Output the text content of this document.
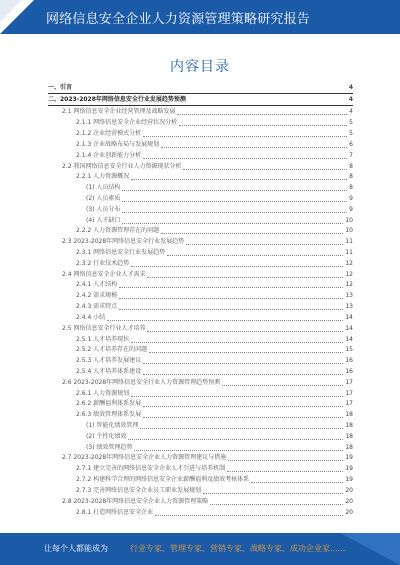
网络信息安全企业人力资源管理策略研究报告
内容目录
一、引言	4
二、2023-2028年网络信息安全行业发展趋势预测	4
2.1 网络信息安全企业经营管理及战略发展	4
2.1.1 网络信息安全企业经营状况分析	5
2.1.2 企业经营模式分析	5
2.1.3 企业战略布局与发展规划	6
2.1.4 企业创新能力分析	7
2.2 我国网络信息安全行业人力资源现状分析	8
2.2.1 人力资源概况	8
(1) 人员结构	8
(2) 人员素质	9
(3) 人员分布	9
(4) 人才缺口	10
2.2.2 人力资源管理存在的问题	10
2.3 2023-2028年网络信息安全行业发展趋势	11
2.3.1 网络信息安全行业发展趋势	11
2.3.2 行业技术趋势	12
2.4 网络信息安全企业人才需求	12
2.4.1 人才结构	12
2.4.2 需求规模	13
2.4.3 需求特点	13
2.4.4 小结	14
2.5 网络信息安全行业人才培养	14
2.5.1 人才培养现状	14
2.5.2 人才培养存在的问题	15
2.5.3 人才培养发展建议	16
2.5.4 人才培养体系建设	16
2.6 2023-2028年网络信息安全行业人力资源管理趋势预测	17
2.6.1 人力资源规划	17
2.6.2 薪酬福利体系发展	17
2.6.3 绩效管理体系发展	18
(1) 智能化绩效管理	18
(2) 个性化绩效	18
(3) 绩效管理趋势	18
2.7 2023-2028年网络信息安全企业人力资源管理建议与措施	19
2.7.1 建立完善的网络信息安全企业人才引进与培养机制	19
2.7.2 构建科学合理的网络信息安全企业薪酬福利及绩效考核体系	19
2.7.3 完善网络信息安全企业员工职业发展规划	20
2.8 2023-2028年网络信息安全企业人力资源管理策略	20
2.8.1 打造网络信息安全企业	20
让每个人都能成为	行业专家、管理专家、营销专家、战略专家、成功企业家......
